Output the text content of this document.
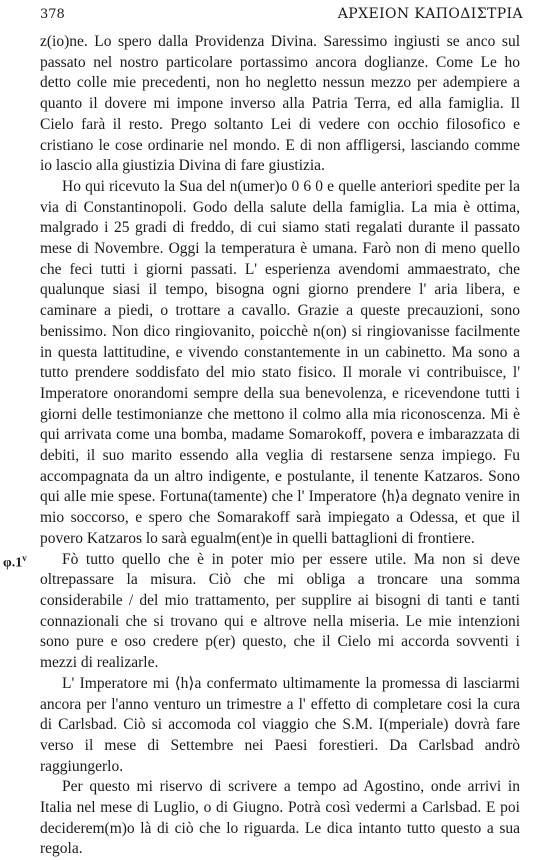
378	ΑΡΧΕΙΟΝ ΚΑΠΟΔΙΣΤΡΙΑ
φ.1$^v$

z(io)ne. Lo spero dalla Providenza Divina. Saressimo ingiusti se anco sul passato nel nostro particolare portassimo ancora doglianze. Come Le ho detto colle mie precedenti, non ho negletto nessun mezzo per adempiere a quanto il dovere mi impone inverso alla Patria Terra, ed alla famiglia. Il Cielo farà il resto. Prego soltanto Lei di vedere con occhio filosofico e cristiano le cose ordinarie nel mondo. E di non affligersi, lasciando comme io lascio alla giustizia Divina di fare giustizia.

Ho qui ricevuto la Sua del n(umer)o 0 6 0 e quelle anteriori spedite per la via di Constantinopoli. Godo della salute della famiglia. La mia è ottima, malgrado i 25 gradi di freddo, di cui siamo stati regalati durante il passato mese di Novembre. Oggi la temperatura è umana. Farò non di meno quello che feci tutti i giorni passati. L' esperienza avendomi ammaestrato, che qualunque siasi il tempo, bisogna ogni giorno prendere l' aria libera, e caminare a piedi, o trottare a cavallo. Grazie a queste precauzioni, sono benissimo. Non dico ringiovanito, poicchè n(on) si ringiovanisse facilmente in questa lattitudine, e vivendo constantemente in un cabinetto. Ma sono a tutto prendere soddisfato del mio stato fisico. Il morale vi contribuisce, l' Imperatore onorandomi sempre della sua benevolenza, e ricevendone tutti i giorni delle testimonianze che mettono il colmo alla mia riconoscenza. Mi è qui arrivata come una bomba, madame Somarokoff, povera e imbarazzata di debiti, il suo marito essendo alla veglia di restarsene senza impiego. Fu accompagnata da un altro indigente, e postulante, il tenente Katzaros. Sono qui alle mie spese. Fortuna(tamente) che l' Imperatore ⟨h⟩a degnato venire in mio soccorso, e spero che Somarakoff sarà impiegato a Odessa, et que il povero Katzaros lo sarà egualm(ent)e in quelli battaglioni di frontiere.

Fò tutto quello che è in poter mio per essere utile. Ma non si deve oltrepassare la misura. Ciò che mi obliga a troncare una somma considerabile / del mio trattamento, per supplire ai bisogni di tanti e tanti connazionali che si trovano qui e altrove nella miseria. Le mie intenzioni sono pure e oso credere p(er) questo, che il Cielo mi accorda sovventi i mezzi di realizarle.

L' Imperatore mi ⟨h⟩a confermato ultimamente la promessa di lasciarmi ancora per l'anno venturo un trimestre a l' effetto di completare cosi la cura di Carlsbad. Ciò si accomoda col viaggio che S.M. I(mperiale) dovrà fare verso il mese di Settembre nei Paesi forestieri. Da Carlsbad andrò raggiungerlo.

Per questo mi riservo di scrivere a tempo ad Agostino, onde arrivi in Italia nel mese di Luglio, o di Giugno. Potrà così vedermi a Carlsbad. E poi deciderem(m)o là di ciò che lo riguarda. Le dica intanto tutto questo a sua regola.
